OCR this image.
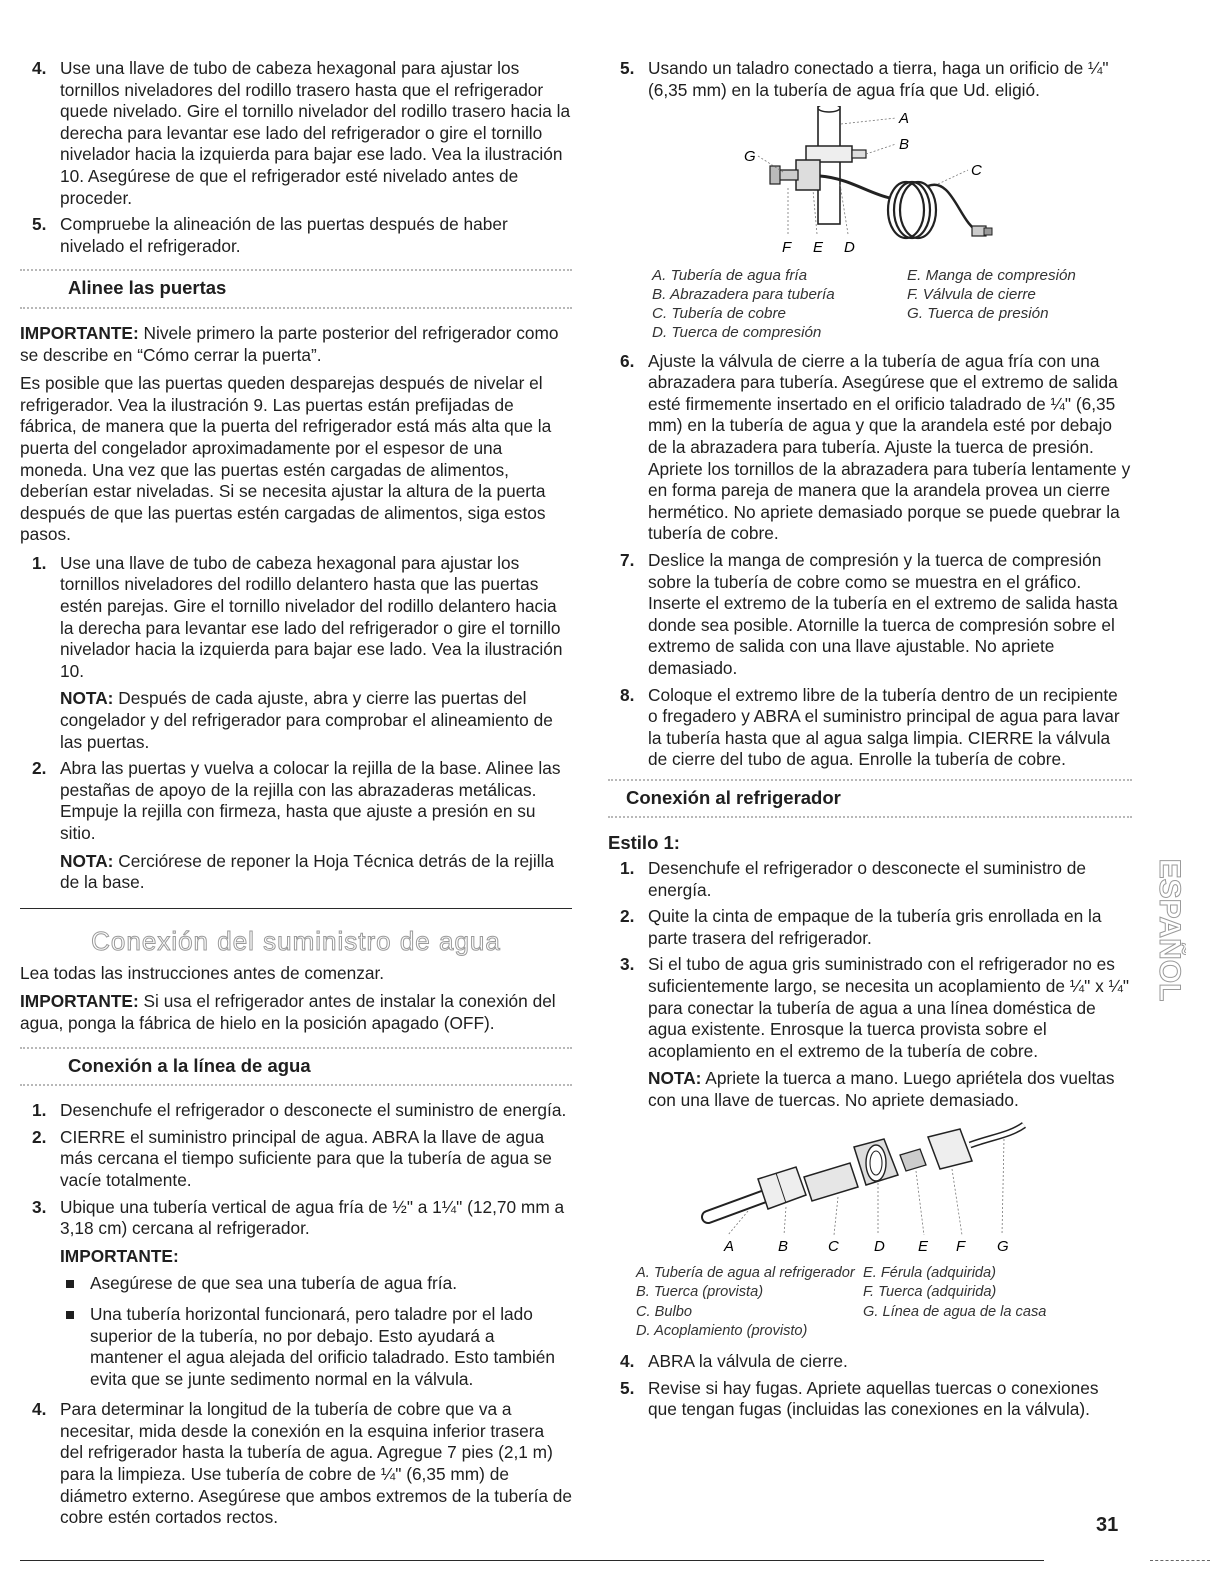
4. Use una llave de tubo de cabeza hexagonal para ajustar los tornillos niveladores del rodillo trasero hasta que el refrigerador quede nivelado. Gire el tornillo nivelador del rodillo trasero hacia la derecha para levantar ese lado del refrigerador o gire el tornillo nivelador hacia la izquierda para bajar ese lado. Vea la ilustración 10. Asegúrese de que el refrigerador esté nivelado antes de proceder.
5. Compruebe la alineación de las puertas después de haber nivelado el refrigerador.
Alinee las puertas

IMPORTANTE: Nivele primero la parte posterior del refrigerador como se describe en “Cómo cerrar la puerta”.

Es posible que las puertas queden desparejas después de nivelar el refrigerador. Vea la ilustración 9. Las puertas están prefijadas de fábrica, de manera que la puerta del refrigerador está más alta que la puerta del congelador aproximadamente por el espesor de una moneda. Una vez que las puertas estén cargadas de alimentos, deberían estar niveladas. Si se necesita ajustar la altura de la puerta después de que las puertas estén cargadas de alimentos, siga estos pasos.

1. Use una llave de tubo de cabeza hexagonal para ajustar los tornillos niveladores del rodillo delantero hasta que las puertas estén parejas. Gire el tornillo nivelador del rodillo delantero hacia la derecha para levantar ese lado del refrigerador o gire el tornillo nivelador hacia la izquierda para bajar ese lado. Vea la ilustración 10.
NOTA: Después de cada ajuste, abra y cierre las puertas del congelador y del refrigerador para comprobar el alineamiento de las puertas.
2. Abra las puertas y vuelva a colocar la rejilla de la base. Alinee las pestañas de apoyo de la rejilla con las abrazaderas metálicas. Empuje la rejilla con firmeza, hasta que ajuste a presión en su sitio.
NOTA: Cerciórese de reponer la Hoja Técnica detrás de la rejilla de la base.
Conexión del suministro de agua

Lea todas las instrucciones antes de comenzar.

IMPORTANTE: Si usa el refrigerador antes de instalar la conexión del agua, ponga la fábrica de hielo en la posición apagado (OFF).

Conexión a la línea de agua
1. Desenchufe el refrigerador o desconecte el suministro de energía.
2. CIERRE el suministro principal de agua. ABRA la llave de agua más cercana el tiempo suficiente para que la tubería de agua se vacíe totalmente.
3. Ubique una tubería vertical de agua fría de ½" a 1¼" (12,70 mm a 3,18 cm) cercana al refrigerador.
IMPORTANTE:
Asegúrese de que sea una tubería de agua fría.
Una tubería horizontal funcionará, pero taladre por el lado superior de la tubería, no por debajo. Esto ayudará a mantener el agua alejada del orificio taladrado. Esto también evita que se junte sedimento normal en la válvula.
4. Para determinar la longitud de la tubería de cobre que va a necesitar, mida desde la conexión en la esquina inferior trasera del refrigerador hasta la tubería de agua. Agregue 7 pies (2,1 m) para la limpieza. Use tubería de cobre de ¼" (6,35 mm) de diámetro externo. Asegúrese que ambos extremos de la tubería de cobre estén cortados rectos.
5. Usando un taladro conectado a tierra, haga un orificio de ¼" (6,35 mm) en la tubería de agua fría que Ud. eligió.
A
B
C
D
E
F
G
A. Tubería de agua fría
B. Abrazadera para tubería
C. Tubería de cobre
D. Tuerca de compresión
E. Manga de compresión
F. Válvula de cierre
G. Tuerca de presión
6. Ajuste la válvula de cierre a la tubería de agua fría con una abrazadera para tubería. Asegúrese que el extremo de salida esté firmemente insertado en el orificio taladrado de ¼" (6,35 mm) en la tubería de agua y que la arandela esté por debajo de la abrazadera para tubería. Ajuste la tuerca de presión. Apriete los tornillos de la abrazadera para tubería lentamente y en forma pareja de manera que la arandela provea un cierre hermético. No apriete demasiado porque se puede quebrar la tubería de cobre.
7. Deslice la manga de compresión y la tuerca de compresión sobre la tubería de cobre como se muestra en el gráfico. Inserte el extremo de la tubería en el extremo de salida hasta donde sea posible. Atornille la tuerca de compresión sobre el extremo de salida con una llave ajustable. No apriete demasiado.
8. Coloque el extremo libre de la tubería dentro de un recipiente o fregadero y ABRA el suministro principal de agua para lavar la tubería hasta que al agua salga limpia. CIERRE la válvula de cierre del tubo de agua. Enrolle la tubería de cobre.
Conexión al refrigerador
Estilo 1:
1. Desenchufe el refrigerador o desconecte el suministro de energía.
2. Quite la cinta de empaque de la tubería gris enrollada en la parte trasera del refrigerador.
3. Si el tubo de agua gris suministrado con el refrigerador no es suficientemente largo, se necesita un acoplamiento de ¼" x ¼" para conectar la tubería de agua a una línea doméstica de agua existente. Enrosque la tuerca provista sobre el acoplamiento en el extremo de la tubería de cobre.
NOTA: Apriete la tuerca a mano. Luego apriételа dos vueltas con una llave de tuercas. No apriete demasiado.
A	B	C D E F G
A. Tubería de agua al refrigerador
B. Tuerca (provista)
C. Bulbo
D. Acoplamiento (provisto)
E. Férula (adquirida)
F. Tuerca (adquirida)
G. Línea de agua de la casa
4. ABRA la válvula de cierre.
5. Revise si hay fugas. Apriete aquellas tuercas o conexiones que tengan fugas (incluidas las conexiones en la válvula).
ESPAÑOL
31
